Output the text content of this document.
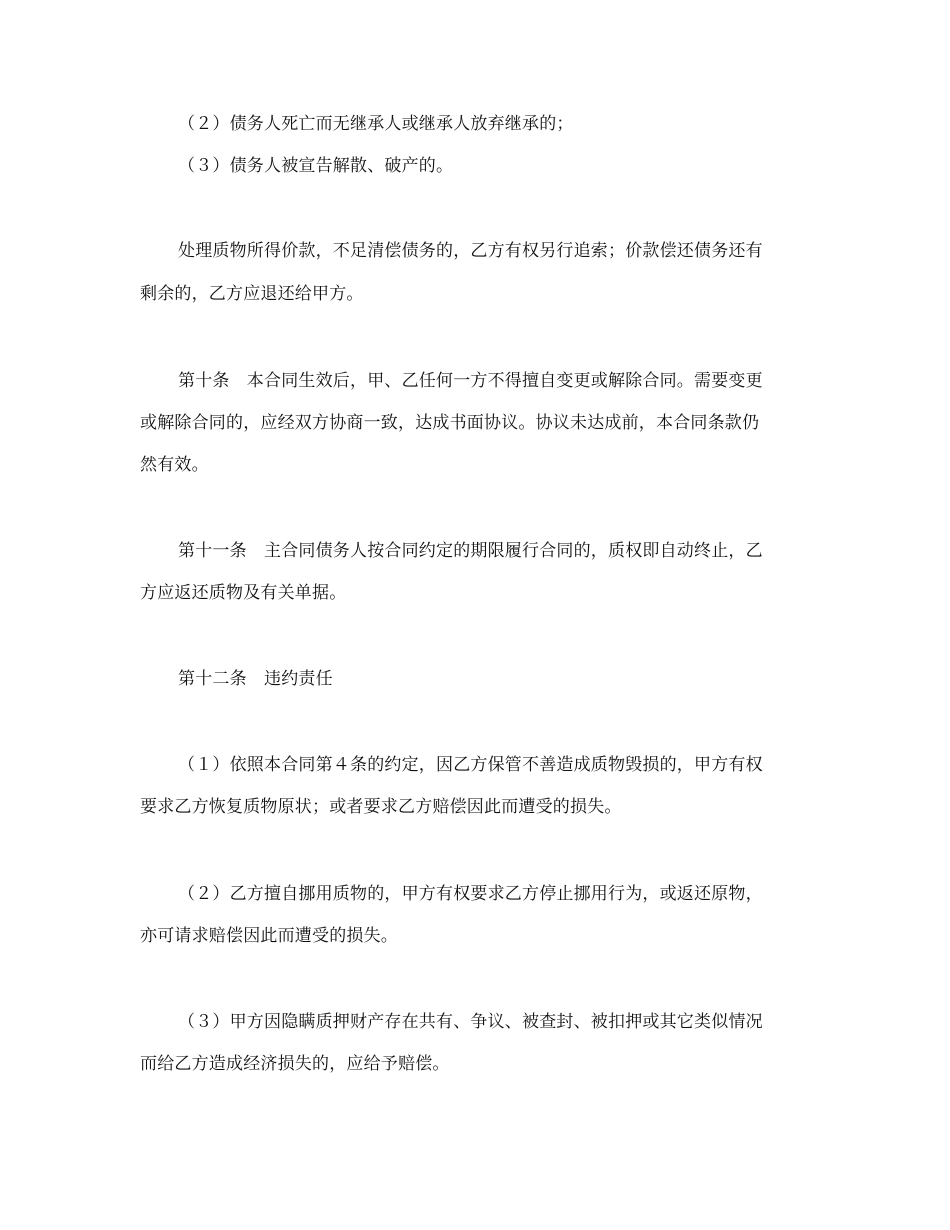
（２）债务人死亡而无继承人或继承人放弃继承的；
（３）债务人被宣告解散、破产的。
处理质物所得价款，不足清偿债务的，乙方有权另行追索；价款偿还债务还有
剩余的，乙方应退还给甲方。
第十条　本合同生效后，甲、乙任何一方不得擅自变更或解除合同。需要变更
或解除合同的，应经双方协商一致，达成书面协议。协议未达成前，本合同条款仍
然有效。
第十一条　主合同债务人按合同约定的期限履行合同的，质权即自动终止，乙
方应返还质物及有关单据。
第十二条　违约责任
（１）依照本合同第４条的约定，因乙方保管不善造成质物毁损的，甲方有权
要求乙方恢复质物原状；或者要求乙方赔偿因此而遭受的损失。
（２）乙方擅自挪用质物的，甲方有权要求乙方停止挪用行为，或返还原物，
亦可请求赔偿因此而遭受的损失。
（３）甲方因隐瞒质押财产存在共有、争议、被查封、被扣押或其它类似情况
而给乙方造成经济损失的，应给予赔偿。
